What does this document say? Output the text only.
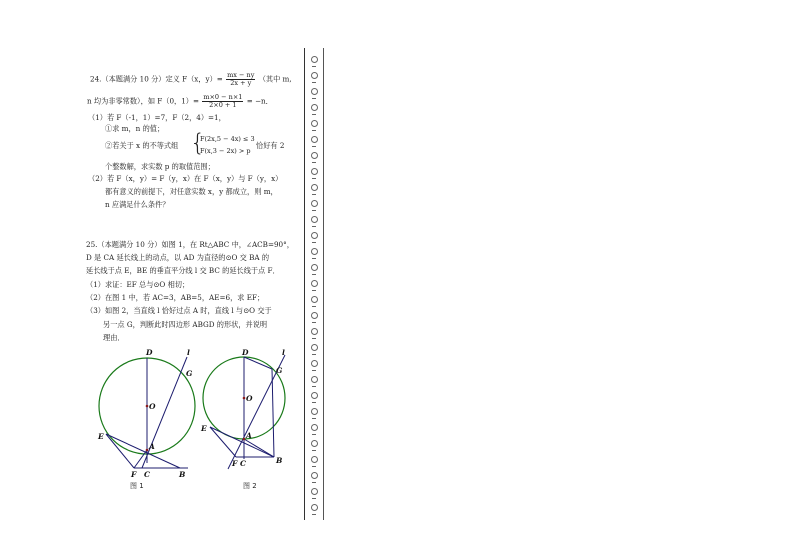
24.（本题满分 10 分）定义 F（x，$y)= \frac{mx - ny}{2x + y}$ （其中 m,
n 均为非零常数），如 F（0，$1)= \frac{m\times 0 - n\times 1}{2\times 0 + 1} = -n$．
（1）若 F（-1，1）=7，F（2，4）=1，
①求 m，n 的值；
②若关于 x 的不等式组 {
F(2x,5 − 4x) ≤ 3
F(x,3 − 2x) > p
恰好有 2
个整数解，求实数 p 的取值范围；
（2）若 F（x，y）= F（y，x）在 F（x，y）与 F（y，x）
都有意义的前提下，对任意实数 x，y 都成立，则 m，
n 应满足什么条件？
25.（本题满分 10 分）如图 1，在 Rt△ABC 中，∠ACB=90°，
D 是 CA 延长线上的动点，以 AD 为直径的⊙O 交 BA 的
延长线于点 E，BE 的垂直平分线 l 交 BC 的延长线于点 F．
（1）求证：EF 总与⊙O 相切；
（2）在图 1 中，若 AC=3，AB=5，AE=6，求 EF；
（3）如图 2，当直线 l 恰好过点 A 时，直线 l 与⊙O 交于
另一点 G，判断此时四边形 ABGD 的形状，并说明
理由．
D	l
G
O
E
A
F C	B
图 1
D	l
G
O
E
A
F C	B
图 2
